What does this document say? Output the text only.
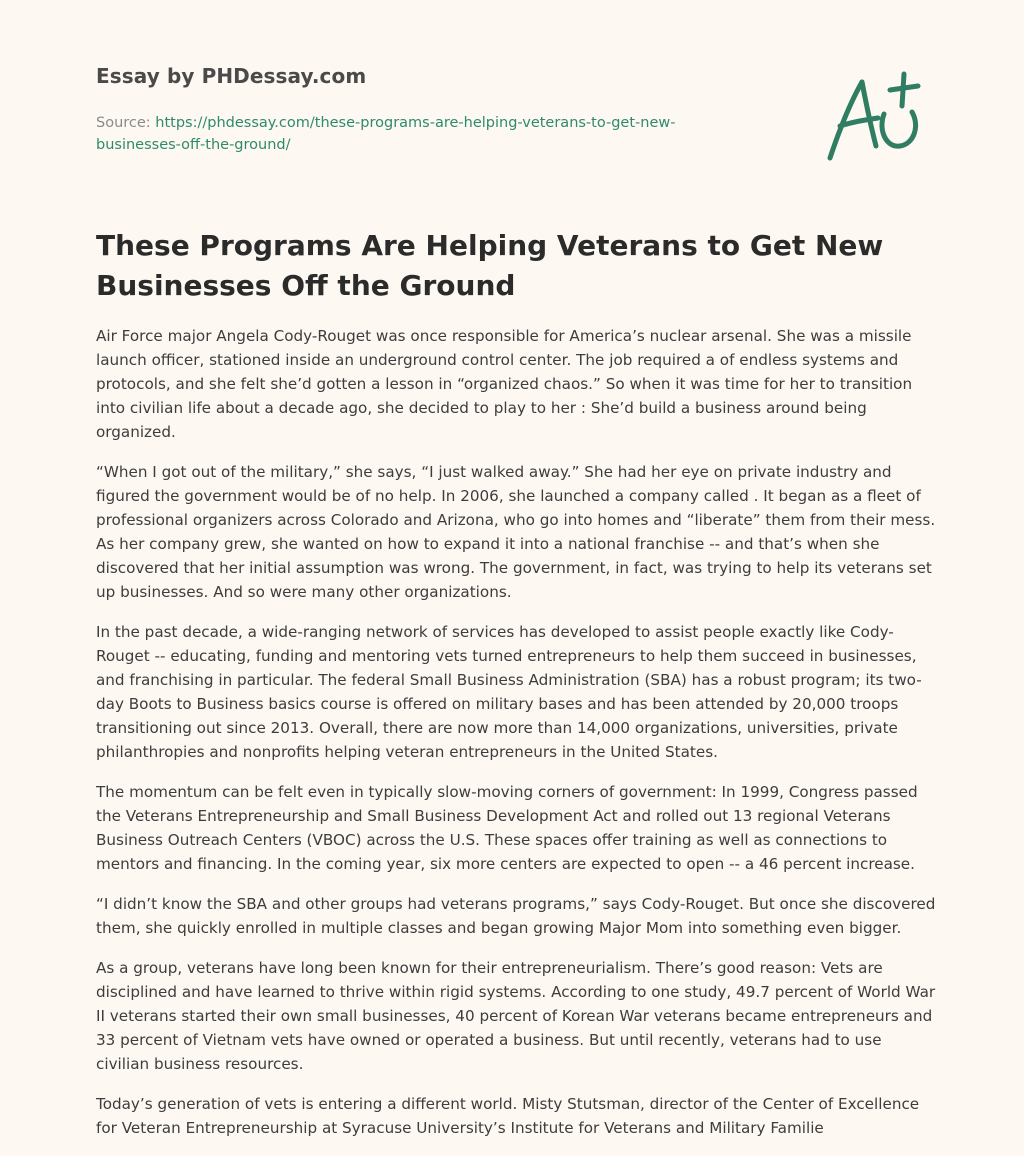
Essay by PHDessay.com
Source: https://phdessay.com/these-programs-are-helping-veterans-to-get-new-businesses-off-the-ground/
These Programs Are Helping Veterans to Get New Businesses Off the Ground

Air Force major Angela Cody-Rouget was once responsible for America’s nuclear arsenal. She was a missile launch officer, stationed inside an underground control center. The job required a of endless systems and protocols, and she felt she’d gotten a lesson in “organized chaos.” So when it was time for her to transition into civilian life about a decade ago, she decided to play to her : She’d build a business around being organized.

“When I got out of the military,” she says, “I just walked away.” She had her eye on private industry and figured the government would be of no help. In 2006, she launched a company called . It began as a fleet of professional organizers across Colorado and Arizona, who go into homes and “liberate” them from their mess. As her company grew, she wanted on how to expand it into a national franchise -- and that’s when she discovered that her initial assumption was wrong. The government, in fact, was trying to help its veterans set up businesses. And so were many other organizations.

In the past decade, a wide-ranging network of services has developed to assist people exactly like Cody-Rouget -- educating, funding and mentoring vets turned entrepreneurs to help them succeed in businesses, and franchising in particular. The federal Small Business Administration (SBA) has a robust program; its two-day Boots to Business basics course is offered on military bases and has been attended by 20,000 troops transitioning out since 2013. Overall, there are now more than 14,000 organizations, universities, private philanthropies and nonprofits helping veteran entrepreneurs in the United States.

The momentum can be felt even in typically slow-moving corners of government: In 1999, Congress passed the Veterans Entrepreneurship and Small Business Development Act and rolled out 13 regional Veterans Business Outreach Centers (VBOC) across the U.S. These spaces offer training as well as connections to mentors and financing. In the coming year, six more centers are expected to open -- a 46 percent increase.

“I didn’t know the SBA and other groups had veterans programs,” says Cody-Rouget. But once she discovered them, she quickly enrolled in multiple classes and began growing Major Mom into something even bigger.

As a group, veterans have long been known for their entrepreneurialism. There’s good reason: Vets are disciplined and have learned to thrive within rigid systems. According to one study, 49.7 percent of World War II veterans started their own small businesses, 40 percent of Korean War veterans became entrepreneurs and 33 percent of Vietnam vets have owned or operated a business. But until recently, veterans had to use civilian business resources.

Today’s generation of vets is entering a different world. Misty Stutsman, director of the Center of Excellence for Veteran Entrepreneurship at Syracuse University’s Institute for Veterans and Military Familie
